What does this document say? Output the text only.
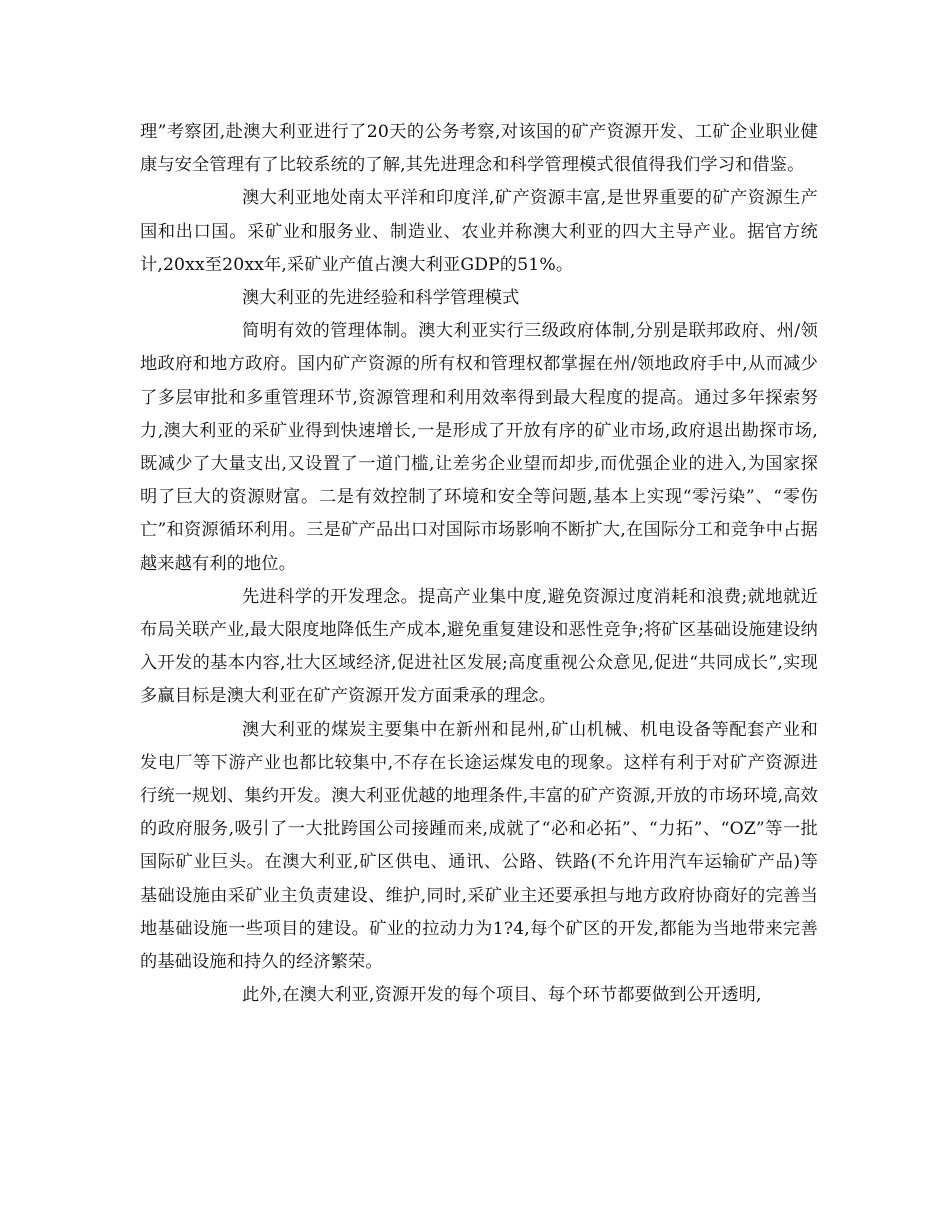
理”考察团,赴澳大利亚进行了20天的公务考察,对该国的矿产资源开发、工矿企业职业健康与安全管理有了比较系统的了解,其先进理念和科学管理模式很值得我们学习和借鉴。

澳大利亚地处南太平洋和印度洋,矿产资源丰富,是世界重要的矿产资源生产国和出口国。采矿业和服务业、制造业、农业并称澳大利亚的四大主导产业。据官方统计,20xx至20xx年,采矿业产值占澳大利亚GDP的51%。

澳大利亚的先进经验和科学管理模式

简明有效的管理体制。澳大利亚实行三级政府体制,分别是联邦政府、州/领地政府和地方政府。国内矿产资源的所有权和管理权都掌握在州/领地政府手中,从而减少了多层审批和多重管理环节,资源管理和利用效率得到最大程度的提高。通过多年探索努力,澳大利亚的采矿业得到快速增长,一是形成了开放有序的矿业市场,政府退出勘探市场,既减少了大量支出,又设置了一道门槛,让差劣企业望而却步,而优强企业的进入,为国家探明了巨大的资源财富。二是有效控制了环境和安全等问题,基本上实现“零污染”、“零伤亡”和资源循环利用。三是矿产品出口对国际市场影响不断扩大,在国际分工和竞争中占据越来越有利的地位。

先进科学的开发理念。提高产业集中度,避免资源过度消耗和浪费;就地就近布局关联产业,最大限度地降低生产成本,避免重复建设和恶性竞争;将矿区基础设施建设纳入开发的基本内容,壮大区域经济,促进社区发展;高度重视公众意见,促进“共同成长”,实现多赢目标是澳大利亚在矿产资源开发方面秉承的理念。

澳大利亚的煤炭主要集中在新州和昆州,矿山机械、机电设备等配套产业和发电厂等下游产业也都比较集中,不存在长途运煤发电的现象。这样有利于对矿产资源进行统一规划、集约开发。澳大利亚优越的地理条件,丰富的矿产资源,开放的市场环境,高效的政府服务,吸引了一大批跨国公司接踵而来,成就了“必和必拓”、“力拓”、“OZ”等一批国际矿业巨头。在澳大利亚,矿区供电、通讯、公路、铁路(不允许用汽车运输矿产品)等基础设施由采矿业主负责建设、维护,同时,采矿业主还要承担与地方政府协商好的完善当地基础设施一些项目的建设。矿业的拉动力为1?4,每个矿区的开发,都能为当地带来完善的基础设施和持久的经济繁荣。

此外,在澳大利亚,资源开发的每个项目、每个环节都要做到公开透明,
